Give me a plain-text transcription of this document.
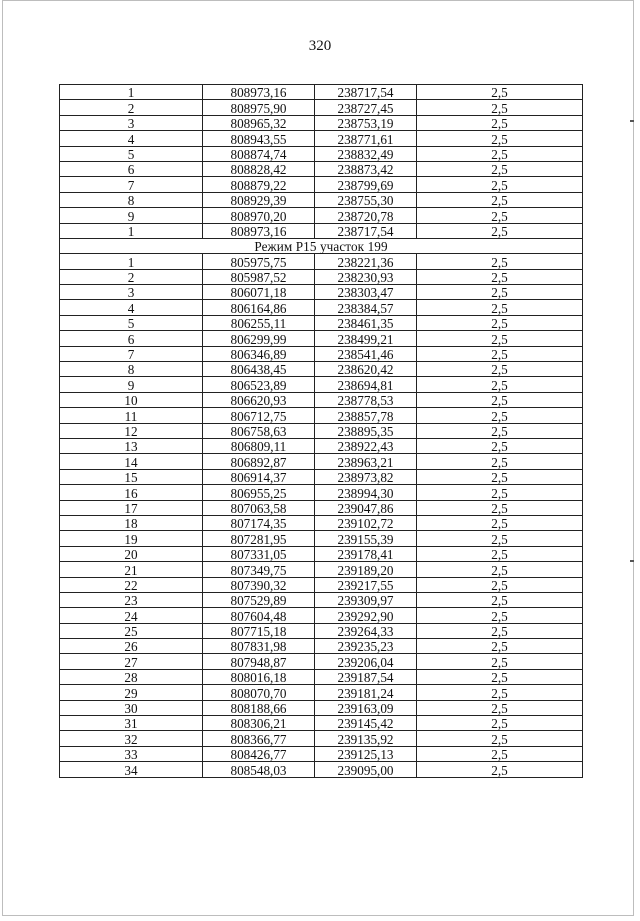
320
1	808973,16	238717,54	2,5
2	808975,90	238727,45	2,5
3	808965,32	238753,19	2,5
4	808943,55	238771,61	2,5
5	808874,74	238832,49	2,5
6	808828,42	238873,42	2,5
7	808879,22	238799,69	2,5
8	808929,39	238755,30	2,5
9	808970,20	238720,78	2,5
1	808973,16	238717,54	2,5
Режим Р15 участок 199			
1	805975,75	238221,36	2,5
2	805987,52	238230,93	2,5
3	806071,18	238303,47	2,5
4	806164,86	238384,57	2,5
5	806255,11	238461,35	2,5
6	806299,99	238499,21	2,5
7	806346,89	238541,46	2,5
8	806438,45	238620,42	2,5
9	806523,89	238694,81	2,5
10	806620,93	238778,53	2,5
11	806712,75	238857,78	2,5
12	806758,63	238895,35	2,5
13	806809,11	238922,43	2,5
14	806892,87	238963,21	2,5
15	806914,37	238973,82	2,5
16	806955,25	238994,30	2,5
17	807063,58	239047,86	2,5
18	807174,35	239102,72	2,5
19	807281,95	239155,39	2,5
20	807331,05	239178,41	2,5
21	807349,75	239189,20	2,5
22	807390,32	239217,55	2,5
23	807529,89	239309,97	2,5
24	807604,48	239292,90	2,5
25	807715,18	239264,33	2,5
26	807831,98	239235,23	2,5
27	807948,87	239206,04	2,5
28	808016,18	239187,54	2,5
29	808070,70	239181,24	2,5
30	808188,66	239163,09	2,5
31	808306,21	239145,42	2,5
32	808366,77	239135,92	2,5
33	808426,77	239125,13	2,5
34	808548,03	239095,00	2,5
